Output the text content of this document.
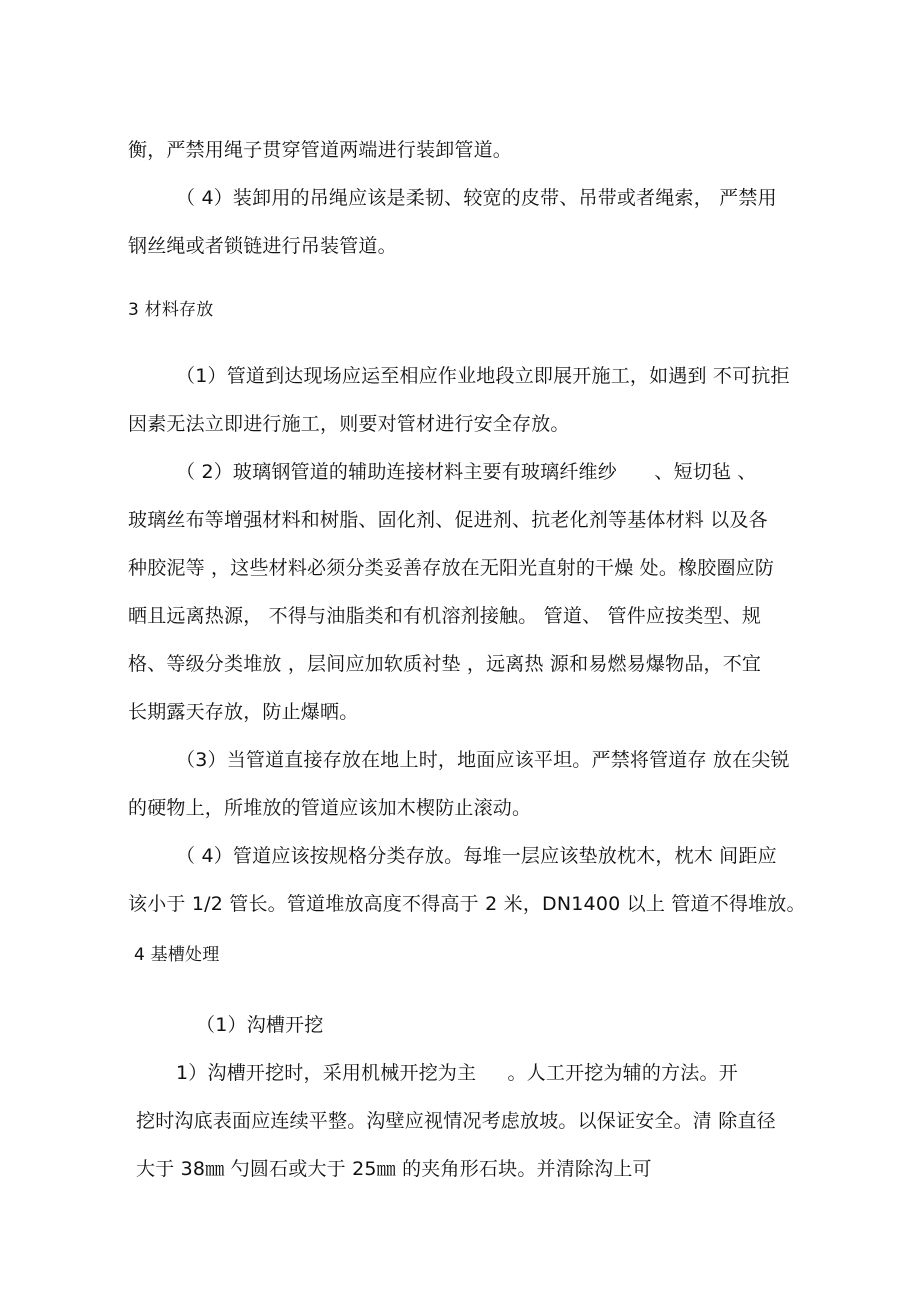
衡，严禁用绳子贯穿管道两端进行装卸管道。
（ 4）装卸用的吊绳应该是柔韧、较宽的皮带、吊带或者绳索， 严禁用
钢丝绳或者锁链进行吊装管道。
3 材料存放
（1）管道到达现场应运至相应作业地段立即展开施工，如遇到 不可抗拒
因素无法立即进行施工，则要对管材进行安全存放。
（ 2）玻璃钢管道的辅助连接材料主要有玻璃纤维纱      、短切毡 、
玻璃丝布等增强材料和树脂、固化剂、促进剂、抗老化剂等基体材料 以及各
种胶泥等 ，这些材料必须分类妥善存放在无阳光直射的干燥 处。橡胶圈应防
晒且远离热源， 不得与油脂类和有机溶剂接触。 管道、 管件应按类型、规
格、等级分类堆放 ，层间应加软质衬垫 ，远离热 源和易燃易爆物品，不宜
长期露天存放，防止爆晒。
（3）当管道直接存放在地上时，地面应该平坦。严禁将管道存 放在尖锐
的硬物上，所堆放的管道应该加木楔防止滚动。
（ 4）管道应该按规格分类存放。每堆一层应该垫放枕木，枕木 间距应
该小于 1/2 管长。管道堆放高度不得高于 2 米，DN1400 以上 管道不得堆放。
4 基槽处理
（1）沟槽开挖
1）沟槽开挖时，采用机械开挖为主     。人工开挖为辅的方法。开
挖时沟底表面应连续平整。沟壁应视情况考虑放坡。以保证安全。清 除直径
大于 38㎜ 勺圆石或大于 25㎜ 的夹角形石块。并清除沟上可
